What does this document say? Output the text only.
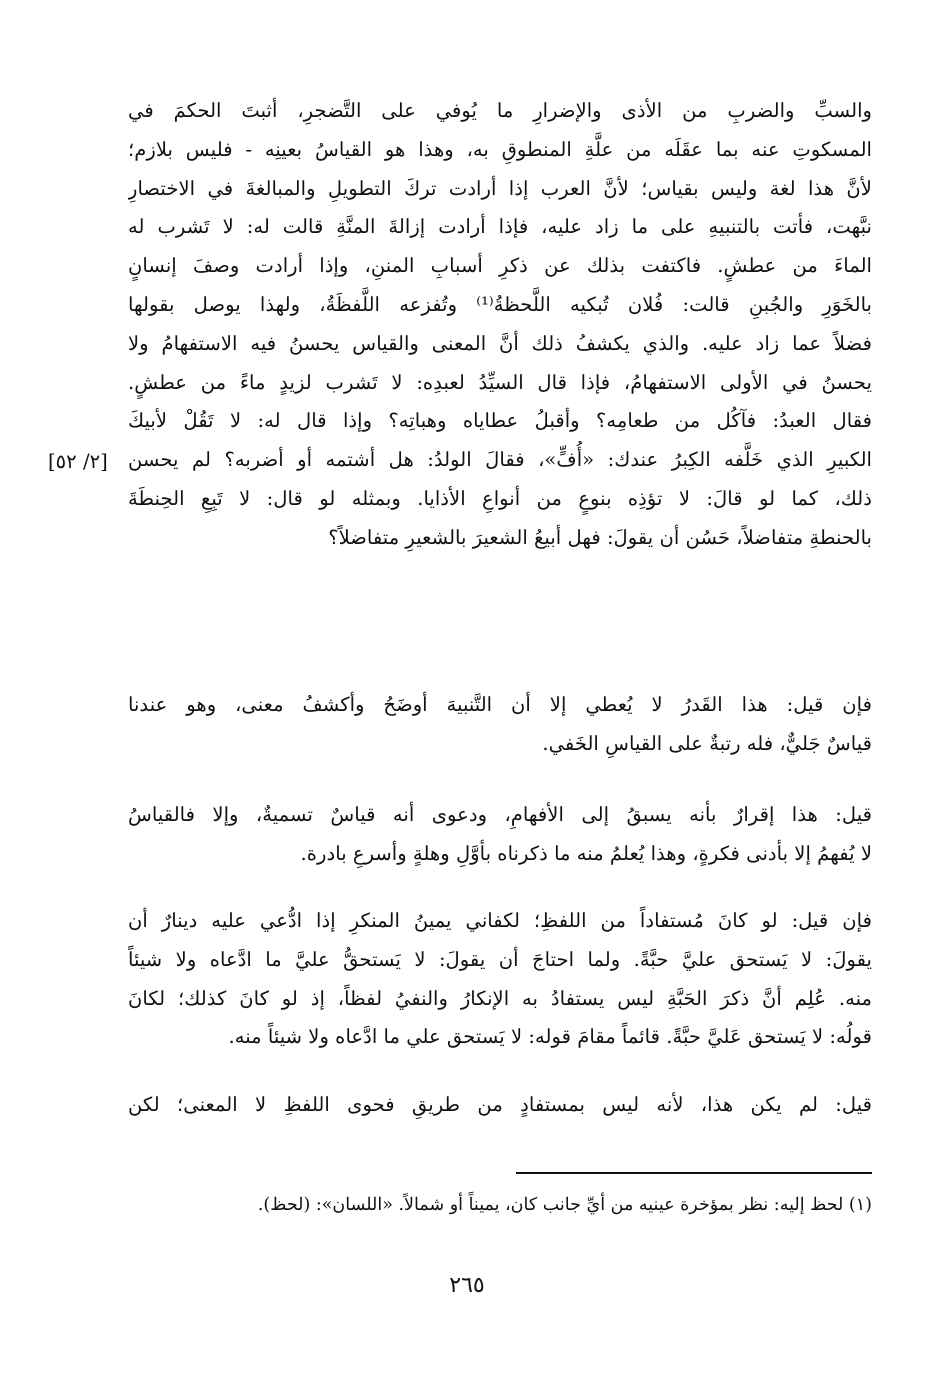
والسبِّ والضربِ من الأذى والإضرارِ ما يُوفي على التَّضجرِ، أثبتَ الحكمَ في
المسكوتِ عنه بما عقَلَه من علَّةِ المنطوقِ به، وهذا هو القياسُ بعينِه - فليس بلازم؛
لأنَّ هذا لغة وليس بقياس؛ لأنَّ العرب إذا أرادت تركَ التطويلِ والمبالغةَ في الاختصارِ
نبَّهت، فأتت بالتنبيهِ على ما زاد عليه، فإذا أرادت إزالةَ المنَّةِ قالت له: لا تَشرب له
الماءَ من عطشٍ. فاكتفت بذلك عن ذكرِ أسبابِ المننِ، وإذا أرادت وصفَ إنسانٍ
بالخَوَرِ والجُبنِ قالت: فُلان تُبكيه اللَّحظةُ⁽¹⁾ وتُفزعه اللَّفظَةُ، ولهذا يوصل بقولها
فضلاً عما زاد عليه. والذي يكشفُ ذلك أنَّ المعنى والقياس يحسنُ فيه الاستفهامُ ولا
يحسنُ في الأولى الاستفهامُ، فإذا قال السيِّدُ لعبدِه: لا تَشرب لزيدٍ ماءً من عطشٍ.
فقال العبدُ: فآكُل من طعامِه؟ وأقبلُ عطاياه وهباتِه؟ وإذا قال له: لا تَقُلْ لأبيكَ
الكبيرِ الذي خَلَّفه الكِبرُ عندك: «أُفٍّ»، فقالَ الولدُ: هل أشتمه أو أضربه؟ لم يحسن
ذلك، كما لو قالَ: لا تؤذِه بنوعٍ من أنواعِ الأذايا. وبمثله لو قال: لا تَبِعِ الحِنطَةَ
بالحنطةِ متفاضلاً، حَسُن أن يقولَ: فهل أبيعُ الشعيرَ بالشعيرِ متفاضلاً؟

[٢/ ٥٢]

فإن قيل: هذا القَدرُ لا يُعطي إلا أن التَّنبيهَ أوضَحُ وأكشفُ معنى، وهو عندنا
قياسٌ جَليٌّ، فله رتبةٌ على القياسِ الخَفي.

قيل: هذا إقرارٌ بأنه يسبقُ إلى الأفهامِ، ودعوى أنه قياسٌ تسميةٌ، وإلا فالقياسُ
لا يُفهمُ إلا بأدنى فكرةٍ، وهذا يُعلمُ منه ما ذكرناه بأوَّلِ وهلةٍ وأسرعِ بادرة.

فإن قيل: لو كانَ مُستفاداً من اللفظِ؛ لكفاني يمينُ المنكرِ إذا ادُّعي عليه دينارٌ أن
يقولَ: لا يَستحق عليَّ حبَّةً. ولما احتاجَ أن يقولَ: لا يَستحقُّ عليَّ ما ادَّعاه ولا شيئاً
منه. عُلِم أنَّ ذكرَ الحَبَّةِ ليس يستفادُ به الإنكارُ والنفيُ لفظاً، إذ لو كانَ كذلك؛ لكانَ
قولُه: لا يَستحق عَليَّ حبَّةً. قائماً مقامَ قوله: لا يَستحق علي ما ادَّعاه ولا شيئاً منه.

قيل: لم يكن هذا، لأنه ليس بمستفادٍ من طريقِ فحوى اللفظِ لا المعنى؛ لكن

(١) لحظ إليه: نظر بمؤخرة عينيه من أيِّ جانب كان، يميناً أو شمالاً. «اللسان»: (لحظ).
٢٦٥
